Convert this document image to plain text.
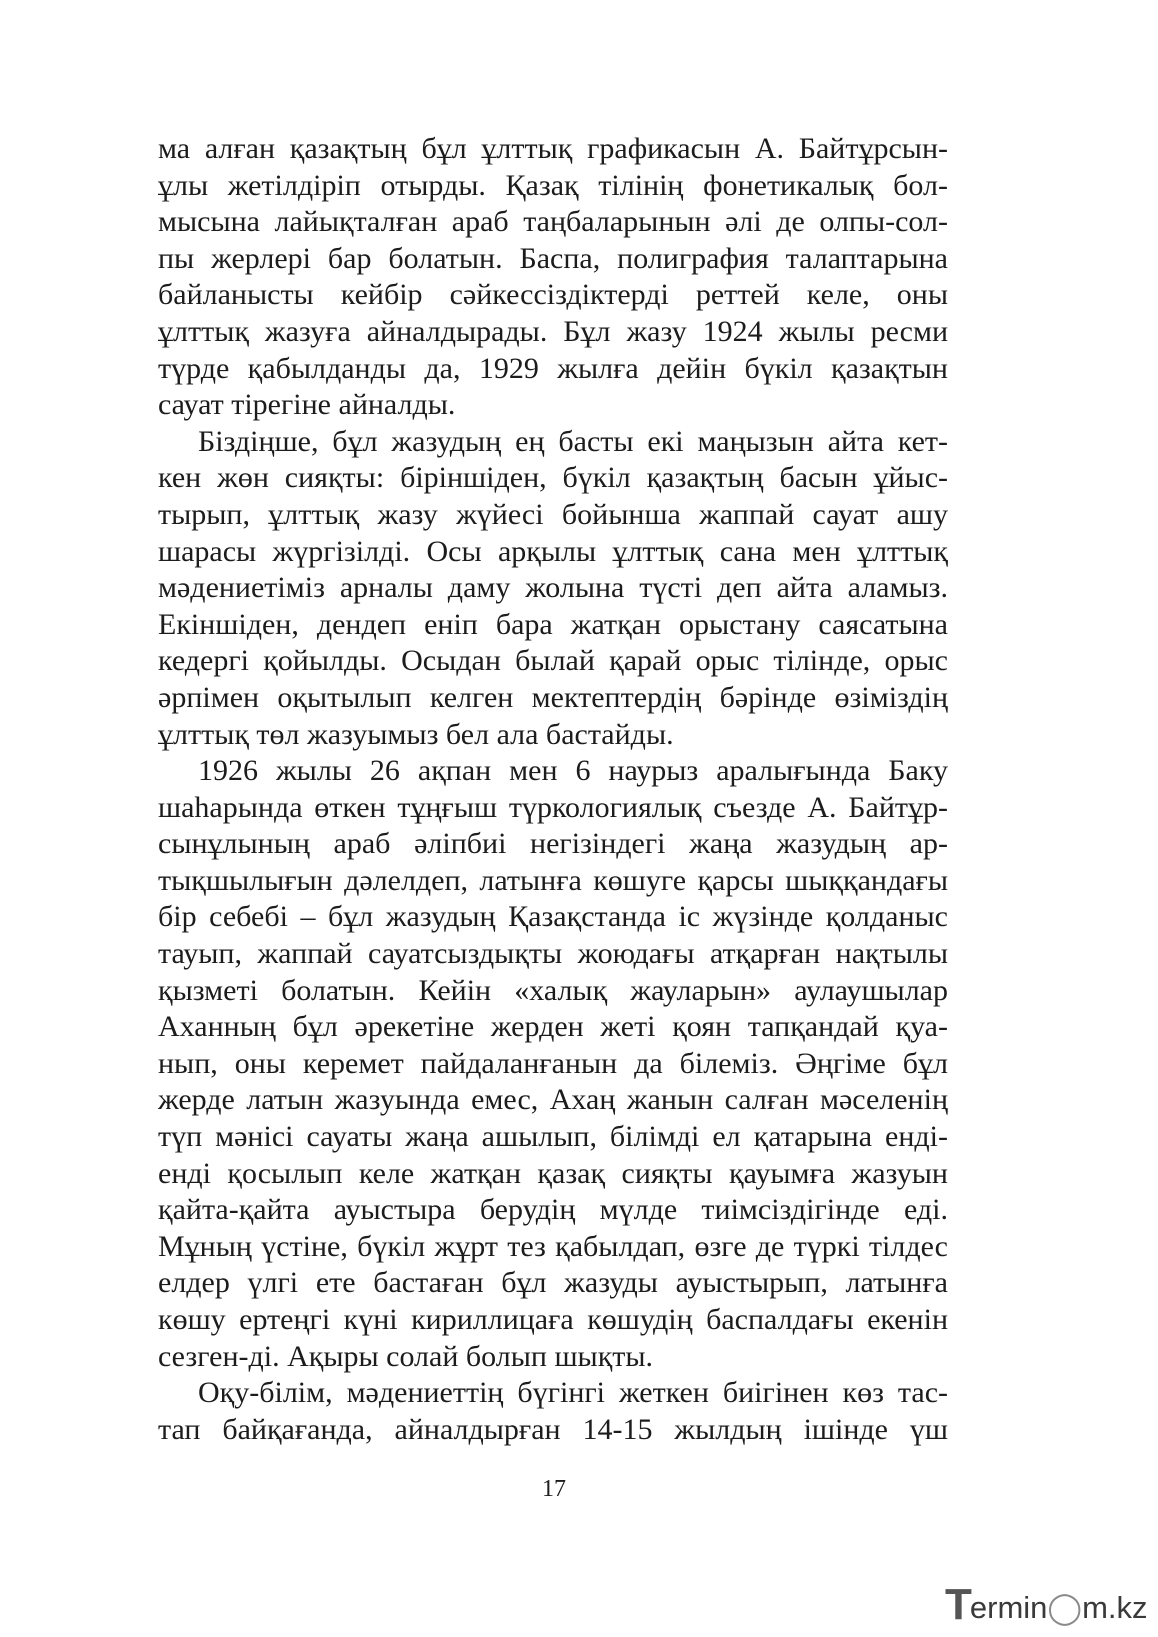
ма алған қазақтың бұл ұлттық графикасын А. Байтұрсын-
ұлы жетілдіріп отырды. Қазақ тілінің фонетикалық бол-
мысына лайықталған араб таңбаларынын әлі де олпы-сол-
пы жерлері бар болатын. Баспа, полиграфия талаптарына
байланысты кейбір сәйкессіздіктерді реттей келе, оны
ұлттық жазуға айналдырады. Бұл жазу 1924 жылы ресми
түрде қабылданды да, 1929 жылға дейін бүкіл қазақтын
сауат тірегіне айналды.

Біздіңше, бұл жазудың ең басты екі маңызын айта кет-
кен жөн сияқты: біріншіден, бүкіл қазақтың басын ұйыс-
тырып, ұлттық жазу жүйесі бойынша жаппай сауат ашу
шарасы жүргізілді. Осы арқылы ұлттық сана мен ұлттық
мәдениетіміз арналы даму жолына түсті деп айта аламыз.
Екіншіден, дендеп еніп бара жатқан орыстану саясатына
кедергі қойылды. Осыдан былай қарай орыс тілінде, орыс
әрпімен оқытылып келген мектептердің бәрінде өзіміздің
ұлттық төл жазуымыз бел ала бастайды.

1926 жылы 26 ақпан мен 6 наурыз аралығында Баку
шаһарында өткен тұңғыш түркологиялық съезде А. Байтұр-
сынұлының араб әліпбиі негізіндегі жаңа жазудың ар-
тықшылығын дәлелдеп, латынға көшуге қарсы шыққандағы
бір себебі – бұл жазудың Қазақстанда іс жүзінде қолданыс
тауып, жаппай сауатсыздықты жоюдағы атқарған нақтылы
қызметі болатын. Кейін «халық жауларын» аулаушылар
Аханның бұл әрекетіне жерден жеті қоян тапқандай қуа-
нып, оны керемет пайдаланғанын да білеміз. Әңгіме бұл
жерде латын жазуында емес, Ахаң жанын салған мәселенің
түп мәнісі сауаты жаңа ашылып, білімді ел қатарына енді-
енді қосылып келе жатқан қазақ сияқты қауымға жазуын
қайта-қайта ауыстыра берудің мүлде тиімсіздігінде еді.
Мұның үстіне, бүкіл жұрт тез қабылдап, өзге де түркі тілдес
елдер үлгі ете бастаған бұл жазуды ауыстырып, латынға
көшу ертеңгі күні кириллицаға көшудің баспалдағы екенін
сезген-ді. Ақыры солай болып шықты.

Оқу-білім, мәдениеттің бүгінгі жеткен биігінен көз тас-
тап байқағанда, айналдырған 14-15 жылдың ішінде үш

17
T ermin◯m.kz
